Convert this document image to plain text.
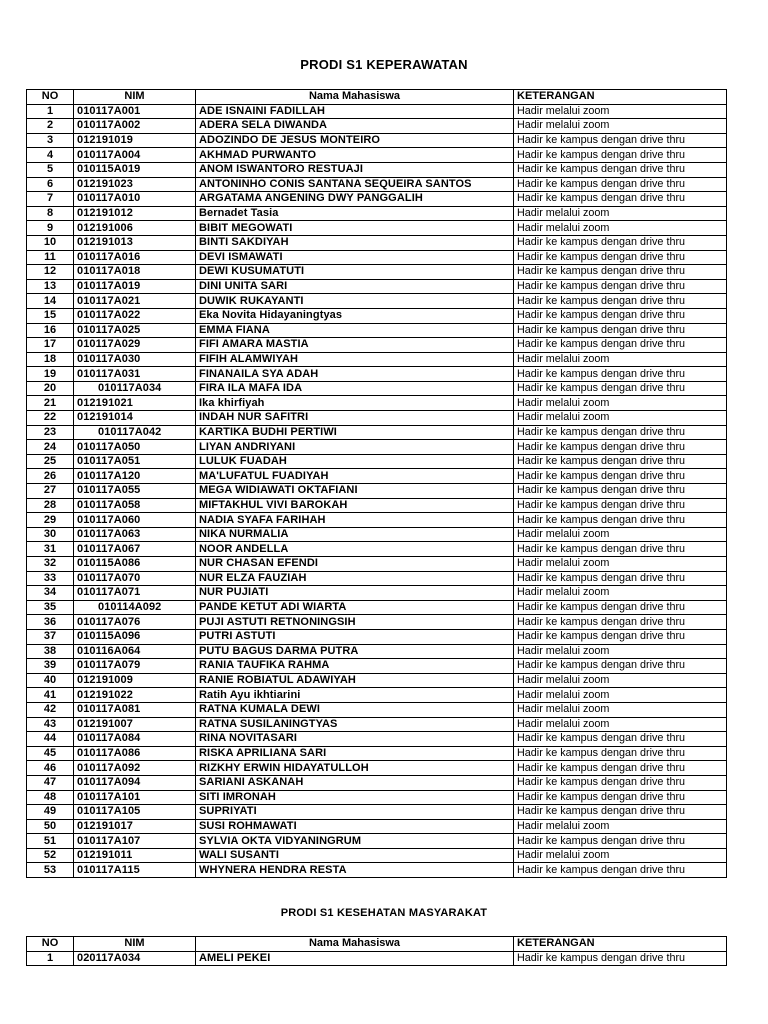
PRODI S1 KEPERAWATAN
NO	NIM	Nama Mahasiswa	KETERANGAN
1	010117A001	ADE ISNAINI FADILLAH	Hadir melalui zoom
2	010117A002	ADERA SELA DIWANDA	Hadir melalui zoom
3	012191019	ADOZINDO DE JESUS MONTEIRO	Hadir ke kampus dengan drive thru
4	010117A004	AKHMAD PURWANTO	Hadir ke kampus dengan drive thru
5	010115A019	ANOM ISWANTORO RESTUAJI	Hadir ke kampus dengan drive thru
6	012191023	ANTONINHO CONIS SANTANA SEQUEIRA SANTOS	Hadir ke kampus dengan drive thru
7	010117A010	ARGATAMA ANGENING DWY PANGGALIH	Hadir ke kampus dengan drive thru
8	012191012	Bernadet Tasia	Hadir melalui zoom
9	012191006	BIBIT MEGOWATI	Hadir melalui zoom
10	012191013	BINTI SAKDIYAH	Hadir ke kampus dengan drive thru
11	010117A016	DEVI ISMAWATI	Hadir ke kampus dengan drive thru
12	010117A018	DEWI KUSUMATUTI	Hadir ke kampus dengan drive thru
13	010117A019	DINI UNITA SARI	Hadir ke kampus dengan drive thru
14	010117A021	DUWIK RUKAYANTI	Hadir ke kampus dengan drive thru
15	010117A022	Eka Novita Hidayaningtyas	Hadir ke kampus dengan drive thru
16	010117A025	EMMA FIANA	Hadir ke kampus dengan drive thru
17	010117A029	FIFI AMARA MASTIA	Hadir ke kampus dengan drive thru
18	010117A030	FIFIH ALAMWIYAH	Hadir melalui zoom
19	010117A031	FINANAILA SYA ADAH	Hadir ke kampus dengan drive thru
20	010117A034	FIRA ILA MAFA IDA	Hadir ke kampus dengan drive thru
21	012191021	Ika khirfiyah	Hadir melalui zoom
22	012191014	INDAH NUR SAFITRI	Hadir melalui zoom
23	010117A042	KARTIKA BUDHI PERTIWI	Hadir ke kampus dengan drive thru
24	010117A050	LIYAN ANDRIYANI	Hadir ke kampus dengan drive thru
25	010117A051	LULUK FUADAH	Hadir ke kampus dengan drive thru
26	010117A120	MA'LUFATUL FUADIYAH	Hadir ke kampus dengan drive thru
27	010117A055	MEGA WIDIAWATI OKTAFIANI	Hadir ke kampus dengan drive thru
28	010117A058	MIFTAKHUL VIVI BAROKAH	Hadir ke kampus dengan drive thru
29	010117A060	NADIA SYAFA FARIHAH	Hadir ke kampus dengan drive thru
30	010117A063	NIKA NURMALIA	Hadir melalui zoom
31	010117A067	NOOR ANDELLA	Hadir ke kampus dengan drive thru
32	010115A086	NUR CHASAN EFENDI	Hadir melalui zoom
33	010117A070	NUR ELZA FAUZIAH	Hadir ke kampus dengan drive thru
34	010117A071	NUR PUJIATI	Hadir melalui zoom
35	010114A092	PANDE KETUT ADI WIARTA	Hadir ke kampus dengan drive thru
36	010117A076	PUJI ASTUTI RETNONINGSIH	Hadir ke kampus dengan drive thru
37	010115A096	PUTRI ASTUTI	Hadir ke kampus dengan drive thru
38	010116A064	PUTU BAGUS DARMA PUTRA	Hadir melalui zoom
39	010117A079	RANIA TAUFIKA RAHMA	Hadir ke kampus dengan drive thru
40	012191009	RANIE ROBIATUL ADAWIYAH	Hadir melalui zoom
41	012191022	Ratih Ayu ikhtiarini	Hadir melalui zoom
42	010117A081	RATNA KUMALA DEWI	Hadir melalui zoom
43	012191007	RATNA SUSILANINGTYAS	Hadir melalui zoom
44	010117A084	RINA NOVITASARI	Hadir ke kampus dengan drive thru
45	010117A086	RISKA APRILIANA SARI	Hadir ke kampus dengan drive thru
46	010117A092	RIZKHY ERWIN HIDAYATULLOH	Hadir ke kampus dengan drive thru
47	010117A094	SARIANI ASKANAH	Hadir ke kampus dengan drive thru
48	010117A101	SITI IMRONAH	Hadir ke kampus dengan drive thru
49	010117A105	SUPRIYATI	Hadir ke kampus dengan drive thru
50	012191017	SUSI ROHMAWATI	Hadir melalui zoom
51	010117A107	SYLVIA OKTA VIDYANINGRUM	Hadir ke kampus dengan drive thru
52	012191011	WALI SUSANTI	Hadir melalui zoom
53	010117A115	WHYNERA HENDRA RESTA	Hadir ke kampus dengan drive thru
PRODI S1 KESEHATAN MASYARAKAT
NO	NIM	Nama Mahasiswa	KETERANGAN
1	020117A034	AMELI PEKEI	Hadir ke kampus dengan drive thru
